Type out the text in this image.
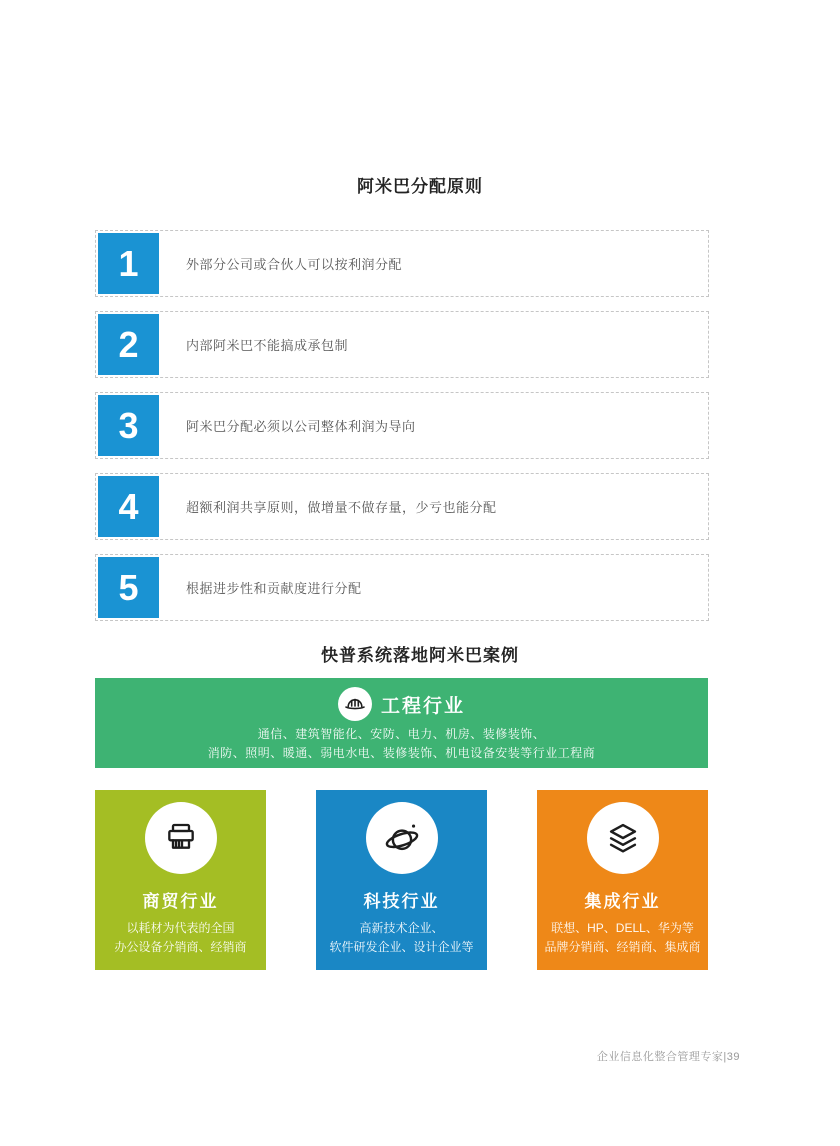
阿米巴分配原则
1	外部分公司或合伙人可以按利润分配
2	内部阿米巴不能搞成承包制
3	阿米巴分配必须以公司整体利润为导向
4	超额利润共享原则，做增量不做存量，少亏也能分配
5	根据进步性和贡献度进行分配
快普系统落地阿米巴案例
工程行业
通信、建筑智能化、安防、电力、机房、装修装饰、
消防、照明、暖通、弱电水电、装修装饰、机电设备安装等行业工程商
商贸行业
以耗材为代表的全国
办公设备分销商、经销商
科技行业
高新技术企业、
软件研发企业、设计企业等
集成行业
联想、HP、DELL、华为等
品牌分销商、经销商、集成商
企业信息化整合管理专家|39
